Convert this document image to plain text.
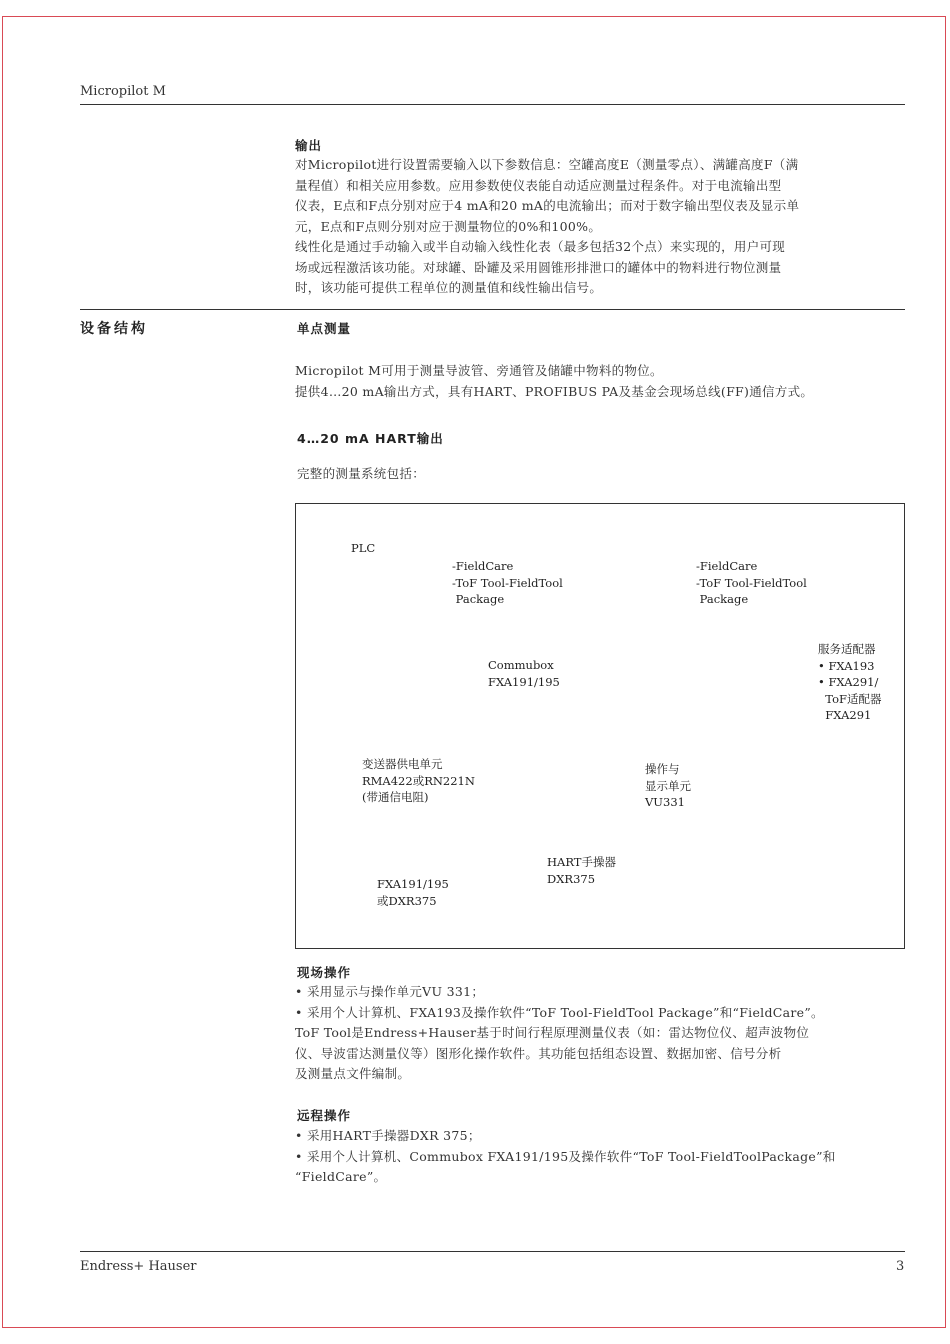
Micropilot M
输出
对Micropilot进行设置需要输入以下参数信息：空罐高度E（测量零点）、满罐高度F（满
量程值）和相关应用参数。应用参数使仪表能自动适应测量过程条件。对于电流输出型
仪表，E点和F点分别对应于4 mA和20 mA的电流输出；而对于数字输出型仪表及显示单
元，E点和F点则分别对应于测量物位的0%和100%。
线性化是通过手动输入或半自动输入线性化表（最多包括32个点）来实现的，用户可现
场或远程激活该功能。对球罐、卧罐及采用圆锥形排泄口的罐体中的物料进行物位测量
时，该功能可提供工程单位的测量值和线性输出信号。
设备结构	单点测量
Micropilot M可用于测量导波管、旁通管及储罐中物料的物位。
提供4…20 mA输出方式，具有HART、PROFIBUS PA及基金会现场总线(FF)通信方式。
4…20 mA HART输出
完整的测量系统包括：
PLC
-FieldCare
-ToF Tool-FieldTool
Package
-FieldCare
-ToF Tool-FieldTool
Package
服务适配器
• FXA193
• FXA291/
ToF适配器
FXA291
Commubox
FXA191/195
变送器供电单元
RMA422或RN221N
(带通信电阻)
操作与
显示单元
VU331
HART手操器
DXR375
FXA191/195
或DXR375
现场操作
• 采用显示与操作单元VU 331；
• 采用个人计算机、FXA193及操作软件“ToF Tool-FieldTool Package”和“FieldCare”。
ToF Tool是Endress+Hauser基于时间行程原理测量仪表（如：雷达物位仪、超声波物位
仪、导波雷达测量仪等）图形化操作软件。其功能包括组态设置、数据加密、信号分析
及测量点文件编制。
远程操作
• 采用HART手操器DXR 375；
• 采用个人计算机、Commubox FXA191/195及操作软件“ToF Tool-FieldToolPackage”和
“FieldCare”。
Endress+ Hauser	3
